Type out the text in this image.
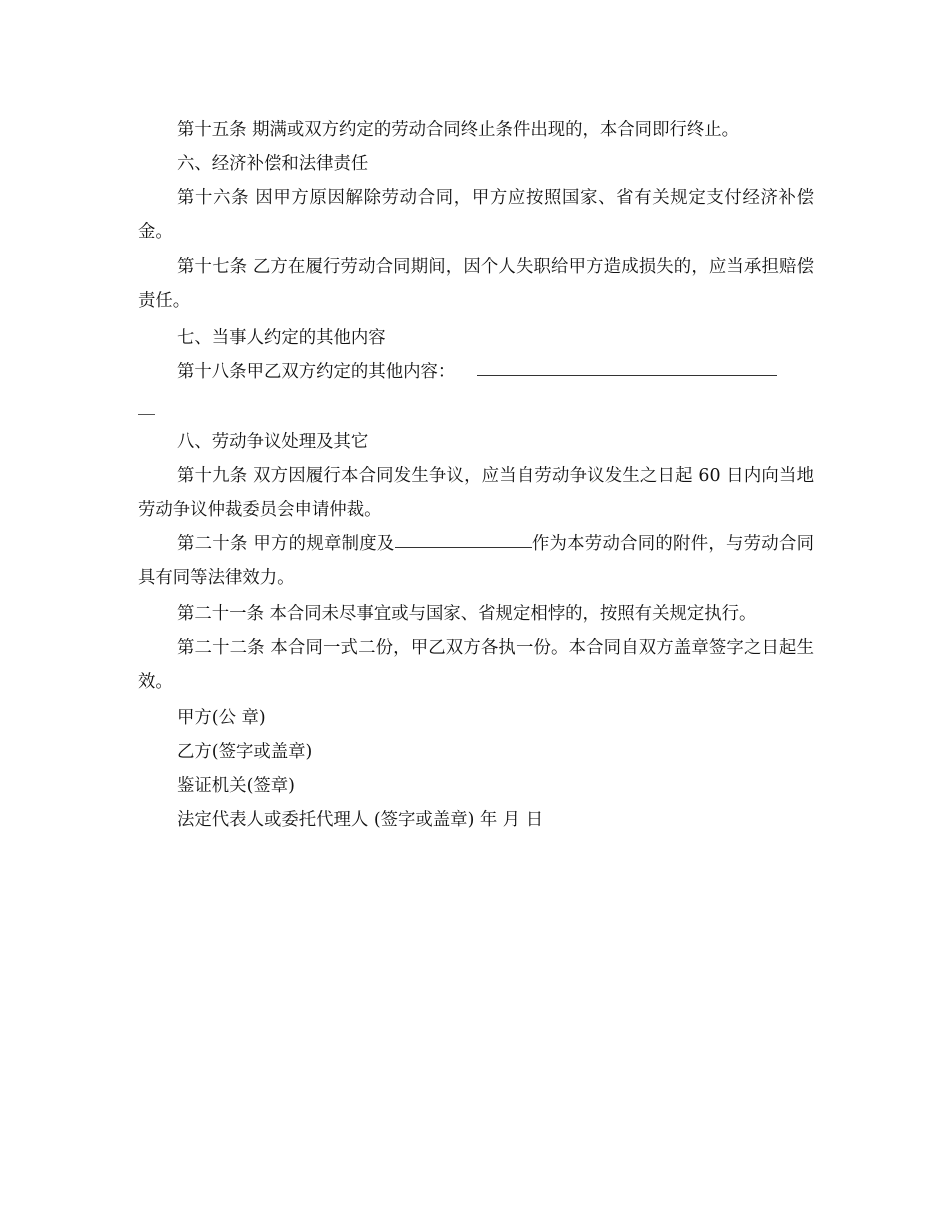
第十五条 期满或双方约定的劳动合同终止条件出现的，本合同即行终止。

六、经济补偿和法律责任

第十六条 因甲方原因解除劳动合同，甲方应按照国家、省有关规定支付经济补偿金。

第十七条 乙方在履行劳动合同期间，因个人失职给甲方造成损失的，应当承担赔偿责任。

七、当事人约定的其他内容

第十八条甲乙双方约定的其他内容：

八、劳动争议处理及其它

第十九条 双方因履行本合同发生争议，应当自劳动争议发生之日起 60 日内向当地劳动争议仲裁委员会申请仲裁。

第二十条 甲方的规章制度及	作为本劳动合同的附件，与劳动合同具有同等法律效力。

第二十一条 本合同未尽事宜或与国家、省规定相悖的，按照有关规定执行。

第二十二条 本合同一式二份，甲乙双方各执一份。本合同自双方盖章签字之日起生效。

甲方(公 章)

乙方(签字或盖章)

鉴证机关(签章)

法定代表人或委托代理人 (签字或盖章) 年 月 日
